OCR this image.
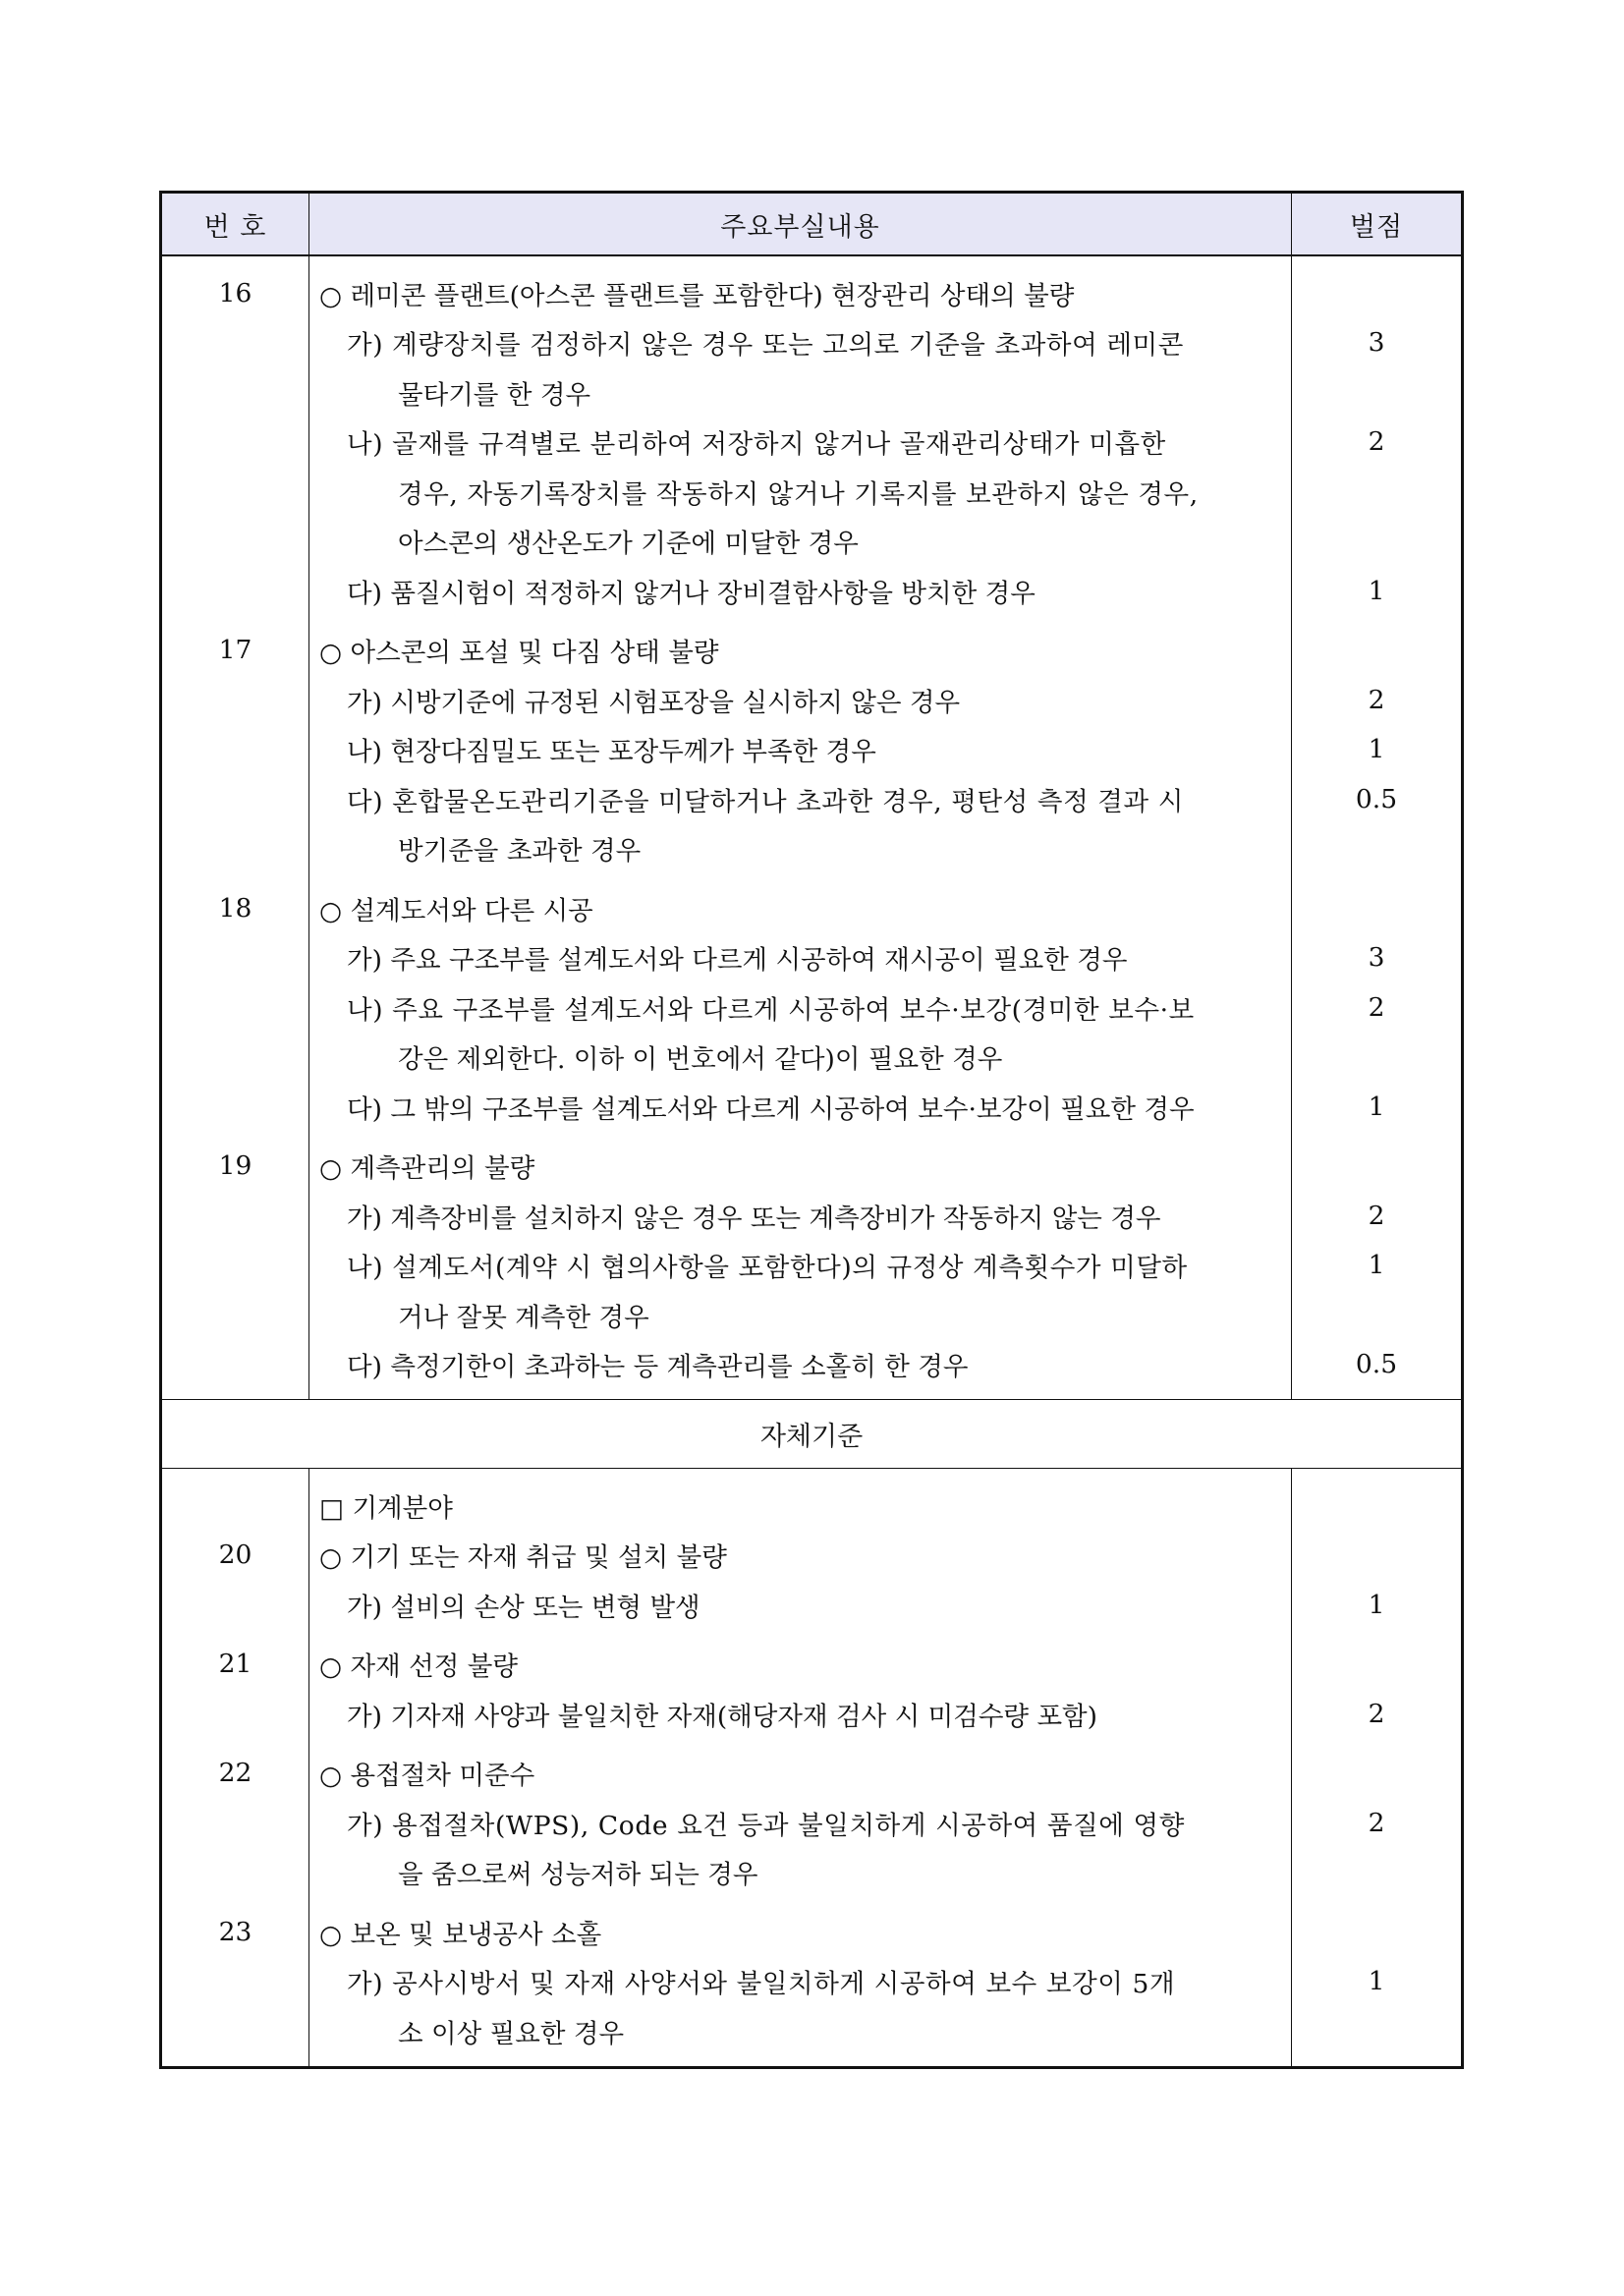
번 호	주요부실내용	벌점
16
17
18
19
○ 레미콘 플랜트(아스콘 플랜트를 포함한다) 현장관리 상태의 불량
가) 계량장치를 검정하지 않은 경우 또는 고의로 기준을 초과하여 레미콘
물타기를 한 경우
나) 골재를 규격별로 분리하여 저장하지 않거나 골재관리상태가 미흡한
경우, 자동기록장치를 작동하지 않거나 기록지를 보관하지 않은 경우,
아스콘의 생산온도가 기준에 미달한 경우
다) 품질시험이 적정하지 않거나 장비결함사항을 방치한 경우
○ 아스콘의 포설 및 다짐 상태 불량
가) 시방기준에 규정된 시험포장을 실시하지 않은 경우
나) 현장다짐밀도 또는 포장두께가 부족한 경우
다) 혼합물온도관리기준을 미달하거나 초과한 경우, 평탄성 측정 결과 시
방기준을 초과한 경우
○ 설계도서와 다른 시공
가) 주요 구조부를 설계도서와 다르게 시공하여 재시공이 필요한 경우
나) 주요 구조부를 설계도서와 다르게 시공하여 보수·보강(경미한 보수·보
강은 제외한다. 이하 이 번호에서 같다)이 필요한 경우
다) 그 밖의 구조부를 설계도서와 다르게 시공하여 보수·보강이 필요한 경우
○ 계측관리의 불량
가) 계측장비를 설치하지 않은 경우 또는 계측장비가 작동하지 않는 경우
나) 설계도서(계약 시 협의사항을 포함한다)의 규정상 계측횟수가 미달하
거나 잘못 계측한 경우
다) 측정기한이 초과하는 등 계측관리를 소홀히 한 경우
3
2
1
2
1
0.5
3
2
1
2
1
0.5
자체기준
20
21
22
23
□ 기계분야
○ 기기 또는 자재 취급 및 설치 불량
가) 설비의 손상 또는 변형 발생
○ 자재 선정 불량
가) 기자재 사양과 불일치한 자재(해당자재 검사 시 미검수량 포함)
○ 용접절차 미준수
가) 용접절차(WPS), Code 요건 등과 불일치하게 시공하여 품질에 영향
을 줌으로써 성능저하 되는 경우
○ 보온 및 보냉공사 소홀
가) 공사시방서 및 자재 사양서와 불일치하게 시공하여 보수 보강이 5개
소 이상 필요한 경우
1
2
2
1
